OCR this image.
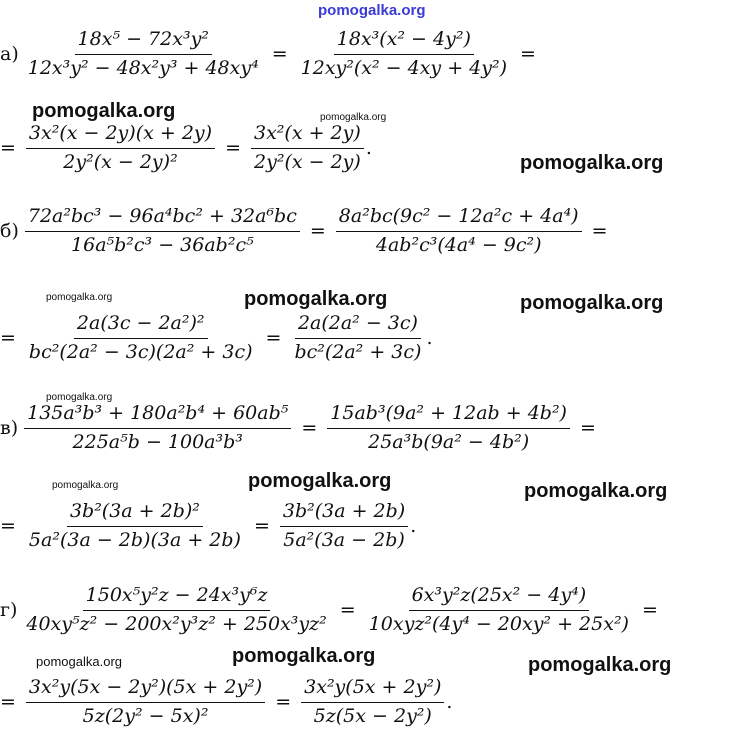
pomogalka.org
$а) \frac{\text{18x⁵ − 72x³y²}}{\text{12x³y² − 48x²y³ + 48xy⁴}} = \frac{\text{18x³(x² − 4y²)}}{\text{12xy²(x² − 4xy + 4y²)}}$ =
pomogalka.org	pomogalka.org
= $\frac{\text{3x²(x − 2y)(x + 2y)}}{\text{2y²(x − 2y)²}} = \frac{\text{3x²(x + 2y)}}{\text{2y²(x − 2y)}}$ .
pomogalka.org
$б) \frac{\text{72a²bc³ − 96a⁴bc² + 32a⁶bc}}{\text{16a⁵b²c³ − 36ab²c⁵}} = \frac{\text{8a²bc(9c² − 12a²c + 4a⁴)}}{\text{4ab²c³(4a⁴ − 9c²)}}$ =
pomogalka.org	pomogalka.org	pomogalka.org
= $\frac{\text{2a(3c − 2a²)²}}{\text{bc²(2a² − 3c)(2a² + 3c)}} = \frac{\text{2a(2a² − 3c)}}{\text{bc²(2a² + 3c)}}$ .
pomogalka.org
$в) \frac{\text{135a³b³ + 180a²b⁴ + 60ab⁵}}{\text{225a⁵b − 100a³b³}} = \frac{\text{15ab³(9a² + 12ab + 4b²)}}{\text{25a³b(9a² − 4b²)}}$ =
pomogalka.org
pomogalka.org	pomogalka.org
= $\frac{\text{3b²(3a + 2b)²}}{\text{5a²(3a − 2b)(3a + 2b)}} = \frac{\text{3b²(3a + 2b)}}{\text{5a²(3a − 2b)}}$ .
$г) \frac{\text{150x⁵y²z − 24x³y⁶z}}{\text{40xy⁵z² − 200x²y³z² + 250x³yz²}} = \frac{\text{6x³y²z(25x² − 4y⁴)}}{\text{10xyz²(4y⁴ − 20xy² + 25x²)}}$ =
pomogalka.org	pomogalka.org	pomogalka.org
= $\frac{\text{3x²y(5x − 2y²)(5x + 2y²)}}{\text{5z(2y² − 5x)²}} = \frac{\text{3x²y(5x + 2y²)}}{\text{5z(5x − 2y²)}}$ .
